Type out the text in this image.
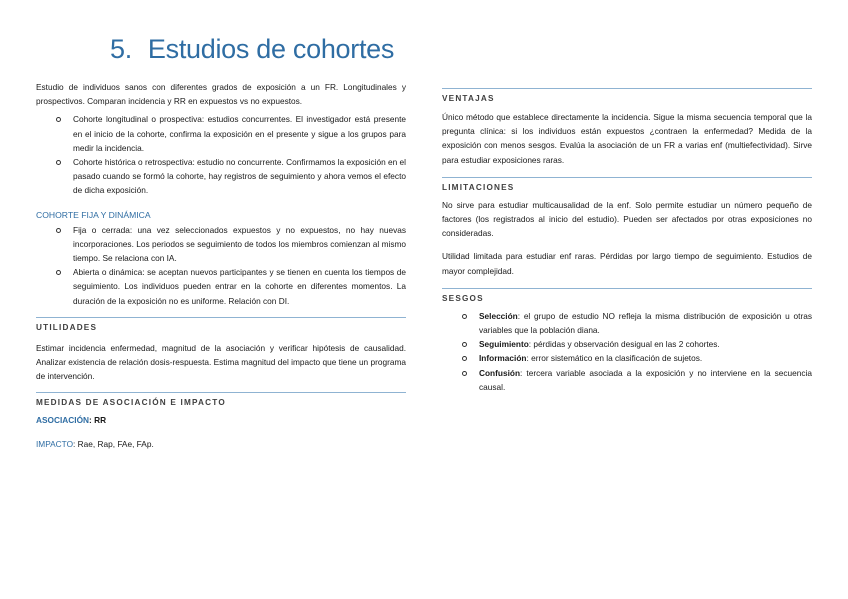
5. Estudios de cohortes

Estudio de individuos sanos con diferentes grados de exposición a un FR. Longitudinales y prospectivos. Comparan incidencia y RR en expuestos vs no expuestos.

Cohorte longitudinal o prospectiva: estudios concurrentes. El investigador está presente en el inicio de la cohorte, confirma la exposición en el presente y sigue a los grupos para medir la incidencia.
Cohorte histórica o retrospectiva: estudio no concurrente. Confirmamos la exposición en el pasado cuando se formó la cohorte, hay registros de seguimiento y ahora vemos el efecto de dicha exposición.
COHORTE FIJA Y DINÁMICA
Fija o cerrada: una vez seleccionados expuestos y no expuestos, no hay nuevas incorporaciones. Los periodos se seguimiento de todos los miembros comienzan al mismo tiempo. Se relaciona con IA.
Abierta o dinámica: se aceptan nuevos participantes y se tienen en cuenta los tiempos de seguimiento. Los individuos pueden entrar en la cohorte en diferentes momentos. La duración de la exposición no es uniforme. Relación con DI.
UTILIDADES

Estimar incidencia enfermedad, magnitud de la asociación y verificar hipótesis de causalidad. Analizar existencia de relación dosis-respuesta. Estima magnitud del impacto que tiene un programa de intervención.

MEDIDAS DE ASOCIACIÓN E IMPACTO

ASOCIACIÓN: RR

IMPACTO: Rae, Rap, FAe, FAp.

VENTAJAS

Único método que establece directamente la incidencia. Sigue la misma secuencia temporal que la pregunta clínica: si los individuos están expuestos ¿contraen la enfermedad? Medida de la exposición con menos sesgos. Evalúa la asociación de un FR a varias enf (multiefectividad). Sirve para estudiar exposiciones raras.

LIMITACIONES

No sirve para estudiar multicausalidad de la enf. Solo permite estudiar un número pequeño de factores (los registrados al inicio del estudio). Pueden ser afectados por otras exposiciones no consideradas.

Utilidad limitada para estudiar enf raras. Pérdidas por largo tiempo de seguimiento. Estudios de mayor complejidad.

SESGOS
Selección: el grupo de estudio NO refleja la misma distribución de exposición u otras variables que la población diana.
Seguimiento: pérdidas y observación desigual en las 2 cohortes.
Información: error sistemático en la clasificación de sujetos.
Confusión: tercera variable asociada a la exposición y no interviene en la secuencia causal.
